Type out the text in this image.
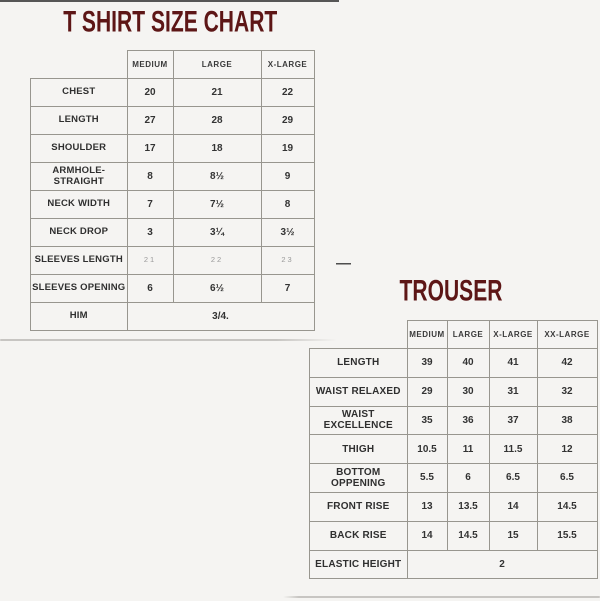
—
T SHIRT SIZE CHART
	MEDIUM	LARGE	X-LARGE
CHEST	20	21	22
LENGTH	27	28	29
SHOULDER	17	18	19
ARMHOLE-STRAIGHT	8	8½	9
NECK WIDTH	7	7½	8
NECK DROP	3	3¼	3½
SLEEVES LENGTH	21	22	23
SLEEVES OPENING	6	6½	7
HIM	3/4.		
TROUSER
	MEDIUM	LARGE	X-LARGE	XX-LARGE
LENGTH	39	40	41	42
WAIST RELAXED	29	30	31	32
WAIST EXCELLENCE	35	36	37	38
THIGH	10.5	11	11.5	12
BOTTOM OPPENING	5.5	6	6.5	6.5
FRONT RISE	13	13.5	14	14.5
BACK RISE	14	14.5	15	15.5
ELASTIC HEIGHT	2			
